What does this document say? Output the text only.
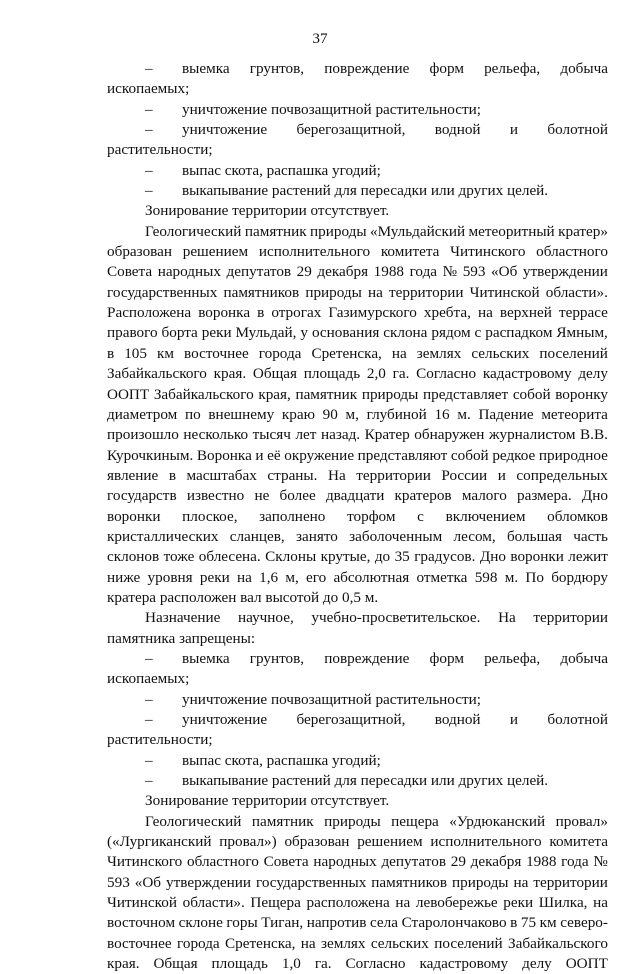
37
–	выемка грунтов, повреждение форм рельефа, добыча
ископаемых;
–	уничтожение почвозащитной растительности;
–	уничтожение берегозащитной, водной и болотной
растительности;
–	выпас скота, распашка угодий;
–	выкапывание растений для пересадки или других целей.
Зонирование территории отсутствует.
Геологический памятник природы «Мульдайский метеоритный кратер»
образован решением исполнительного комитета Читинского областного
Совета народных депутатов 29 декабря 1988 года № 593 «Об утверждении
государственных памятников природы на территории Читинской области».
Расположена воронка в отрогах Газимурского хребта, на верхней террасе
правого борта реки Мульдай, у основания склона рядом с распадком Ямным,
в 105 км восточнее города Сретенска, на землях сельских поселений
Забайкальского края. Общая площадь 2,0 га. Согласно кадастровому делу
ООПТ Забайкальского края, памятник природы представляет собой воронку
диаметром по внешнему краю 90 м, глубиной 16 м. Падение метеорита
произошло несколько тысяч лет назад. Кратер обнаружен журналистом В.В.
Курочкиным. Воронка и её окружение представляют собой редкое природное
явление в масштабах страны. На территории России и сопредельных
государств известно не более двадцати кратеров малого размера. Дно
воронки плоское, заполнено торфом с включением обломков
кристаллических сланцев, занято заболоченным лесом, большая часть
склонов тоже облесена. Склоны крутые, до 35 градусов. Дно воронки лежит
ниже уровня реки на 1,6 м, его абсолютная отметка 598 м. По бордюру
кратера расположен вал высотой до 0,5 м.
Назначение научное, учебно-просветительское. На территории
памятника запрещены:
–	выемка грунтов, повреждение форм рельефа, добыча
ископаемых;
–	уничтожение почвозащитной растительности;
–	уничтожение берегозащитной, водной и болотной
растительности;
–	выпас скота, распашка угодий;
–	выкапывание растений для пересадки или других целей.
Зонирование территории отсутствует.
Геологический памятник природы пещера «Урдюканский провал»
(«Лургиканский провал») образован решением исполнительного комитета
Читинского областного Совета народных депутатов 29 декабря 1988 года №
593 «Об утверждении государственных памятников природы на территории
Читинской области». Пещера расположена на левобережье реки Шилка, на
восточном склоне горы Тиган, напротив села Старолончаково в 75 км северо-
восточнее города Сретенска, на землях сельских поселений Забайкальского
края. Общая площадь 1,0 га. Согласно кадастровому делу ООПТ
